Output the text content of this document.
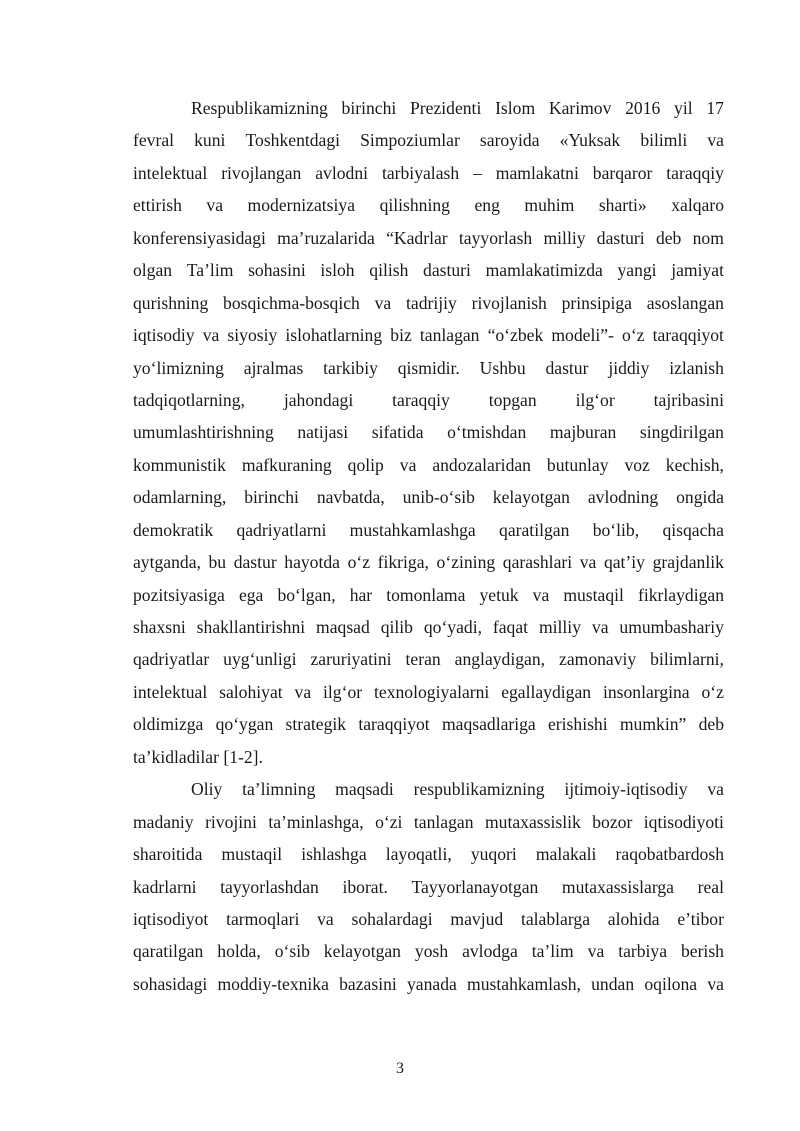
Respublikamizning birinchi Prezidenti Islom Karimov 2016 yil 17
fevral kuni Toshkentdagi Simpoziumlar saroyida «Yuksak bilimli va
intelektual rivojlangan avlodni tarbiyalash – mamlakatni barqaror taraqqiy
ettirish va modernizatsiya qilishning eng muhim sharti» xalqaro
konferensiyasidagi ma’ruzalarida “Kadrlar tayyorlash milliy dasturi deb nom
olgan Ta’lim sohasini isloh qilish dasturi mamlakatimizda yangi jamiyat
qurishning bosqichma-bosqich va tadrijiy rivojlanish prinsipiga asoslangan
iqtisodiy va siyosiy islohatlarning biz tanlagan “o‘zbek modeli”- o‘z taraqqiyot
yo‘limizning ajralmas tarkibiy qismidir. Ushbu dastur jiddiy izlanish
tadqiqotlarning, jahondagi taraqqiy topgan ilg‘or tajribasini
umumlashtirishning natijasi sifatida o‘tmishdan majburan singdirilgan
kommunistik mafkuraning qolip va andozalaridan butunlay voz kechish,
odamlarning, birinchi navbatda, unib-o‘sib kelayotgan avlodning ongida
demokratik qadriyatlarni mustahkamlashga qaratilgan bo‘lib, qisqacha
aytganda, bu dastur hayotda o‘z fikriga, o‘zining qarashlari va qat’iy grajdanlik
pozitsiyasiga ega bo‘lgan, har tomonlama yetuk va mustaqil fikrlaydigan
shaxsni shakllantirishni maqsad qilib qo‘yadi, faqat milliy va umumbashariy
qadriyatlar uyg‘unligi zaruriyatini teran anglaydigan, zamonaviy bilimlarni,
intelektual salohiyat va ilg‘or texnologiyalarni egallaydigan insonlargina o‘z
oldimizga qo‘ygan strategik taraqqiyot maqsadlariga erishishi mumkin” deb
ta’kidladilar [1-2].
Oliy ta’limning maqsadi respublikamizning ijtimoiy-iqtisodiy va
madaniy rivojini ta’minlashga, o‘zi tanlagan mutaxassislik bozor iqtisodiyoti
sharoitida mustaqil ishlashga layoqatli, yuqori malakali raqobatbardosh
kadrlarni tayyorlashdan iborat. Tayyorlanayotgan mutaxassislarga real
iqtisodiyot tarmoqlari va sohalardagi mavjud talablarga alohida e’tibor
qaratilgan holda, o‘sib kelayotgan yosh avlodga ta’lim va tarbiya berish
sohasidagi moddiy-texnika bazasini yanada mustahkamlash, undan oqilona va
3
